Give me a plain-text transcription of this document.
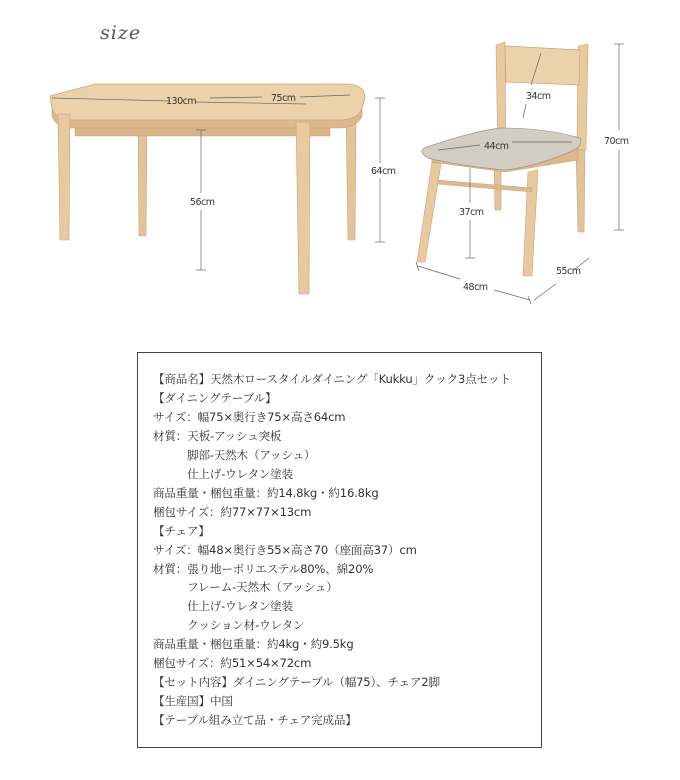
size
130cm	75cm
64cm
56cm
34cm
44cm	70cm
37cm
48cm
55cm
【商品名】天然木ロースタイルダイニング「Kukku」クック3点セット
【ダイニングテーブル】
サイズ：幅75×奥行き75×高さ64cm
材質：天板-アッシュ突板
脚部-天然木（アッシュ）
仕上げ-ウレタン塗装
商品重量・梱包重量：約14.8kg・約16.8kg
梱包サイズ：約77×77×13cm
【チェア】
サイズ：幅48×奥行き55×高さ70（座面高37）cm
材質：張り地ーポリエステル80%、綿20%
フレーム-天然木（アッシュ）
仕上げ-ウレタン塗装
クッション材-ウレタン
商品重量・梱包重量：約4kg・約9.5kg
梱包サイズ：約51×54×72cm
【セット内容】ダイニングテーブル（幅75）、チェア2脚
【生産国】中国
【テーブル組み立て品・チェア完成品】
